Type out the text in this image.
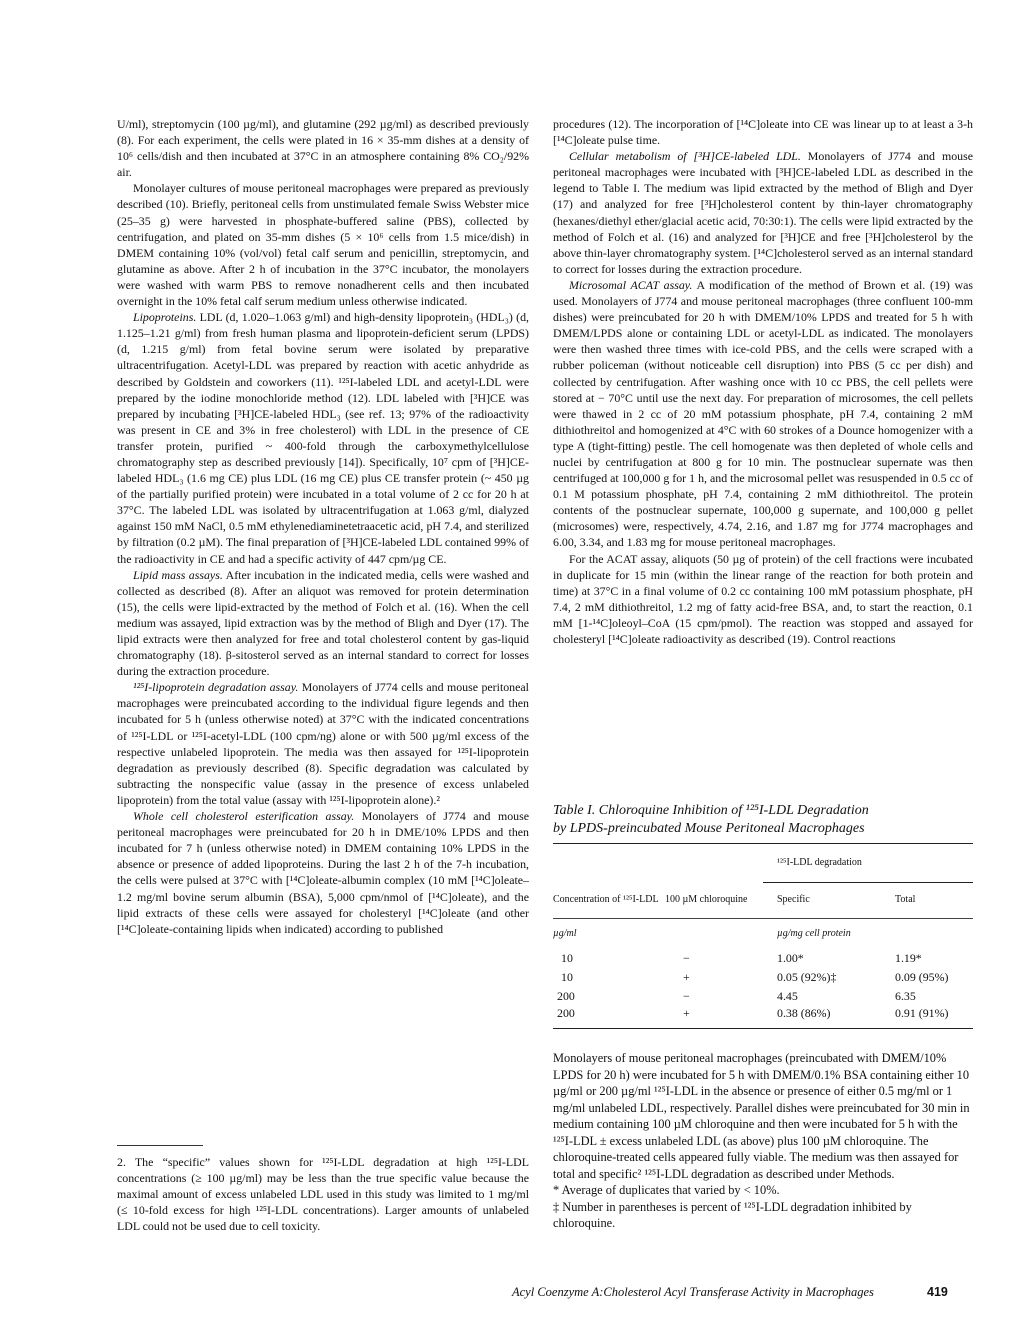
U/ml), streptomycin (100 µg/ml), and glutamine (292 µg/ml) as described previously (8). For each experiment, the cells were plated in 16 × 35-mm dishes at a density of 10⁶ cells/dish and then incubated at 37°C in an atmosphere containing 8% CO₂/92% air.

Monolayer cultures of mouse peritoneal macrophages were prepared as previously described (10). Briefly, peritoneal cells from unstimulated female Swiss Webster mice (25–35 g) were harvested in phosphate-buffered saline (PBS), collected by centrifugation, and plated on 35-mm dishes (5 × 10⁶ cells from 1.5 mice/dish) in DMEM containing 10% (vol/vol) fetal calf serum and penicillin, streptomycin, and glutamine as above. After 2 h of incubation in the 37°C incubator, the monolayers were washed with warm PBS to remove nonadherent cells and then incubated overnight in the 10% fetal calf serum medium unless otherwise indicated.

Lipoproteins. LDL (d, 1.020–1.063 g/ml) and high-density lipoprotein₃ (HDL₃) (d, 1.125–1.21 g/ml) from fresh human plasma and lipoprotein-deficient serum (LPDS) (d, 1.215 g/ml) from fetal bovine serum were isolated by preparative ultracentrifugation. Acetyl-LDL was prepared by reaction with acetic anhydride as described by Goldstein and coworkers (11). ¹²⁵I-labeled LDL and acetyl-LDL were prepared by the iodine monochloride method (12). LDL labeled with [³H]CE was prepared by incubating [³H]CE-labeled HDL₃ (see ref. 13; 97% of the radioactivity was present in CE and 3% in free cholesterol) with LDL in the presence of CE transfer protein, purified ~ 400-fold through the carboxymethylcellulose chromatography step as described previously [14]). Specifically, 10⁷ cpm of [³H]CE-labeled HDL₃ (1.6 mg CE) plus LDL (16 mg CE) plus CE transfer protein (~ 450 µg of the partially purified protein) were incubated in a total volume of 2 cc for 20 h at 37°C. The labeled LDL was isolated by ultracentrifugation at 1.063 g/ml, dialyzed against 150 mM NaCl, 0.5 mM ethylenediaminetetraacetic acid, pH 7.4, and sterilized by filtration (0.2 µM). The final preparation of [³H]CE-labeled LDL contained 99% of the radioactivity in CE and had a specific activity of 447 cpm/µg CE.

Lipid mass assays. After incubation in the indicated media, cells were washed and collected as described (8). After an aliquot was removed for protein determination (15), the cells were lipid-extracted by the method of Folch et al. (16). When the cell medium was assayed, lipid extraction was by the method of Bligh and Dyer (17). The lipid extracts were then analyzed for free and total cholesterol content by gas-liquid chromatography (18). β-sitosterol served as an internal standard to correct for losses during the extraction procedure.

¹²⁵I-lipoprotein degradation assay. Monolayers of J774 cells and mouse peritoneal macrophages were preincubated according to the individual figure legends and then incubated for 5 h (unless otherwise noted) at 37°C with the indicated concentrations of ¹²⁵I-LDL or ¹²⁵I-acetyl-LDL (100 cpm/ng) alone or with 500 µg/ml excess of the respective unlabeled lipoprotein. The media was then assayed for ¹²⁵I-lipoprotein degradation as previously described (8). Specific degradation was calculated by subtracting the nonspecific value (assay in the presence of excess unlabeled lipoprotein) from the total value (assay with ¹²⁵I-lipoprotein alone).²

Whole cell cholesterol esterification assay. Monolayers of J774 and mouse peritoneal macrophages were preincubated for 20 h in DME/10% LPDS and then incubated for 7 h (unless otherwise noted) in DMEM containing 10% LPDS in the absence or presence of added lipoproteins. During the last 2 h of the 7-h incubation, the cells were pulsed at 37°C with [¹⁴C]oleate-albumin complex (10 mM [¹⁴C]oleate–1.2 mg/ml bovine serum albumin (BSA), 5,000 cpm/nmol of [¹⁴C]oleate), and the lipid extracts of these cells were assayed for cholesteryl [¹⁴C]oleate (and other [¹⁴C]oleate-containing lipids when indicated) according to published

2. The “specific” values shown for ¹²⁵I-LDL degradation at high ¹²⁵I-LDL concentrations (≥ 100 µg/ml) may be less than the true specific value because the maximal amount of excess unlabeled LDL used in this study was limited to 1 mg/ml (≤ 10-fold excess for high ¹²⁵I-LDL concentrations). Larger amounts of unlabeled LDL could not be used due to cell toxicity.

procedures (12). The incorporation of [¹⁴C]oleate into CE was linear up to at least a 3-h [¹⁴C]oleate pulse time.

Cellular metabolism of [³H]CE-labeled LDL. Monolayers of J774 and mouse peritoneal macrophages were incubated with [³H]CE-labeled LDL as described in the legend to Table I. The medium was lipid extracted by the method of Bligh and Dyer (17) and analyzed for free [³H]cholesterol content by thin-layer chromatography (hexanes/diethyl ether/glacial acetic acid, 70:30:1). The cells were lipid extracted by the method of Folch et al. (16) and analyzed for [³H]CE and free [³H]cholesterol by the above thin-layer chromatography system. [¹⁴C]cholesterol served as an internal standard to correct for losses during the extraction procedure.

Microsomal ACAT assay. A modification of the method of Brown et al. (19) was used. Monolayers of J774 and mouse peritoneal macrophages (three confluent 100-mm dishes) were preincubated for 20 h with DMEM/10% LPDS and treated for 5 h with DMEM/LPDS alone or containing LDL or acetyl-LDL as indicated. The monolayers were then washed three times with ice-cold PBS, and the cells were scraped with a rubber policeman (without noticeable cell disruption) into PBS (5 cc per dish) and collected by centrifugation. After washing once with 10 cc PBS, the cell pellets were stored at − 70°C until use the next day. For preparation of microsomes, the cell pellets were thawed in 2 cc of 20 mM potassium phosphate, pH 7.4, containing 2 mM dithiothreitol and homogenized at 4°C with 60 strokes of a Dounce homogenizer with a type A (tight-fitting) pestle. The cell homogenate was then depleted of whole cells and nuclei by centrifugation at 800 g for 10 min. The postnuclear supernate was then centrifuged at 100,000 g for 1 h, and the microsomal pellet was resuspended in 0.5 cc of 0.1 M potassium phosphate, pH 7.4, containing 2 mM dithiothreitol. The protein contents of the postnuclear supernate, 100,000 g supernate, and 100,000 g pellet (microsomes) were, respectively, 4.74, 2.16, and 1.87 mg for J774 macrophages and 6.00, 3.34, and 1.83 mg for mouse peritoneal macrophages.

For the ACAT assay, aliquots (50 µg of protein) of the cell fractions were incubated in duplicate for 15 min (within the linear range of the reaction for both protein and time) at 37°C in a final volume of 0.2 cc containing 100 mM potassium phosphate, pH 7.4, 2 mM dithiothreitol, 1.2 mg of fatty acid-free BSA, and, to start the reaction, 0.1 mM [1-¹⁴C]oleoyl–CoA (15 cpm/pmol). The reaction was stopped and assayed for cholesteryl [¹⁴C]oleate radioactivity as described (19). Control reactions

Table I. Chloroquine Inhibition of ¹²⁵I-LDL Degradation
by LPDS-preincubated Mouse Peritoneal Macrophages
		¹²⁵I-LDL degradation	
Concentration of ¹²⁵I-LDL	100 µM chloroquine	Specific	Total
µg/ml		µg/mg cell protein	
10	−	1.00*	1.19*
10	+	0.05 (92%)‡	0.09 (95%)
200	−	4.45	6.35
200	+	0.38 (86%)	0.91 (91%)

Monolayers of mouse peritoneal macrophages (preincubated with DMEM/10% LPDS for 20 h) were incubated for 5 h with DMEM/0.1% BSA containing either 10 µg/ml or 200 µg/ml ¹²⁵I-LDL in the absence or presence of either 0.5 mg/ml or 1 mg/ml unlabeled LDL, respectively. Parallel dishes were preincubated for 30 min in medium containing 100 µM chloroquine and then were incubated for 5 h with the ¹²⁵I-LDL ± excess unlabeled LDL (as above) plus 100 µM chloroquine. The chloroquine-treated cells appeared fully viable. The medium was then assayed for total and specific² ¹²⁵I-LDL degradation as described under Methods.

* Average of duplicates that varied by < 10%.

‡ Number in parentheses is percent of ¹²⁵I-LDL degradation inhibited by chloroquine.

Acyl Coenzyme A:Cholesterol Acyl Transferase Activity in Macrophages	419
